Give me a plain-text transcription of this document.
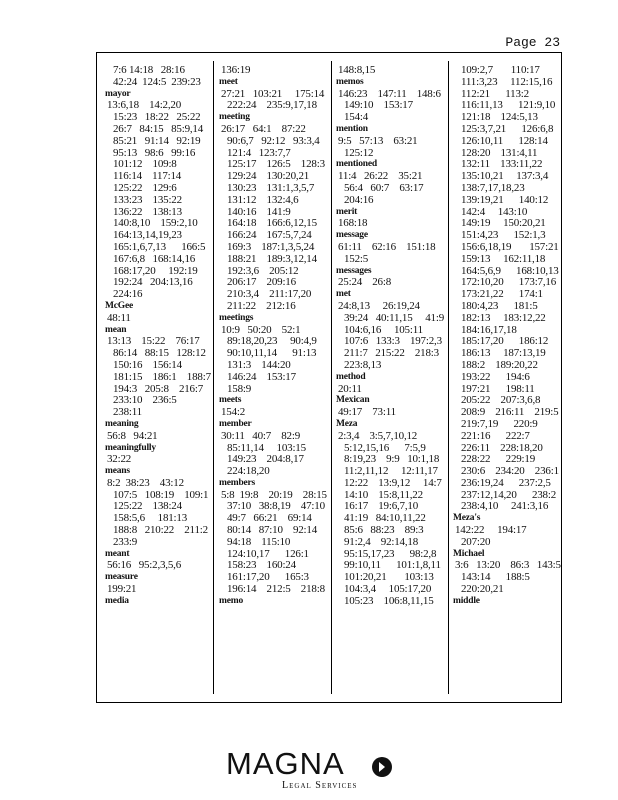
Page 23
7:6 14:18   28:16
42:24  124:5  239:23
mayor
13:6,18    14:2,20
15:23   18:22   25:22
26:7   84:15   85:9,14
85:21   91:14   92:19
95:13   98:6   99:16
101:12    109:8
116:14    117:14
125:22    129:6
133:23    135:22
136:22    138:13
140:8,10    159:2,10
164:13,14,19,23
165:1,6,7,13      166:5
167:6,8   168:14,16
168:17,20     192:19
192:24   204:13,16
224:16
McGee
48:11
mean
13:13    15:22    76:17
86:14   88:15   128:12
150:16    156:14
181:15    186:1    188:7
194:3   205:8    216:7
233:10    236:5
238:11
meaning
56:8   94:21
meaningfully
32:22
means
8:2  38:23    43:12
107:5   108:19    109:1
125:22    138:24
158:5,6     181:13
188:8   210:22    211:2
233:9
meant
56:16   95:2,3,5,6
measure
199:21
media
136:19
meet
27:21   103:21     175:14
222:24    235:9,17,18
meeting
26:17   64:1    87:22
90:6,7   92:12   93:3,4
121:4   123:7,7
125:17    126:5    128:3
129:24    130:20,21
130:23    131:1,3,5,7
131:12    132:4,6
140:16    141:9
164:18    166:6,12,15
166:24    167:5,7,24
169:3    187:1,3,5,24
188:21    189:3,12,14
192:3,6    205:12
206:17    209:16
210:3,4    211:17,20
211:22    212:16
meetings
10:9   50:20    52:1
89:18,20,23     90:4,9
90:10,11,14      91:13
131:3    144:20
146:24    153:17
158:9
meets
154:2
member
30:11   40:7    82:9
85:11,14     103:15
149:23    204:8,17
224:18,20
members
5:8  19:8    20:19    28:15
37:10   38:8,19    47:10
49:7   66:21    69:14
80:14   87:10    92:14
94:18    115:10
124:10,17      126:1
158:23    160:24
161:17,20      165:3
196:14    212:5    218:8
memo
148:8,15
memos
146:23    147:11    148:6
149:10    153:17
154:4
mention
9:5   57:13    63:21
125:12
mentioned
11:4   26:22    35:21
56:4   60:7    63:17
204:16
merit
168:18
message
61:11    62:16    151:18
152:5
messages
25:24    26:8
met
24:8,13     26:19,24
39:24   40:11,15     41:9
104:6,16     105:11
107:6   133:3    197:2,3
211:7   215:22    218:3
223:8,13
method
20:11
Mexican
49:17    73:11
Meza
2:3,4    3:5,7,10,12
5:12,15,16      7:5,9
8:19,23    9:9   10:1,18
11:2,11,12     12:11,17
12:22    13:9,12     14:7
14:10    15:8,11,22
16:17    19:6,7,10
41:19   84:10,11,22
85:6   88:23    89:3
91:2,4    92:14,18
95:15,17,23      98:2,8
99:10,11      101:1,8,11
101:20,21       103:13
104:3,4     105:17,20
105:23    106:8,11,15
109:2,7       110:17
111:3,23     112:15,16
112:21      113:2
116:11,13      121:9,10
121:18    124:5,13
125:3,7,21      126:6,8
126:10,11      128:14
128:20    131:4,11
132:11    133:11,22
135:10,21     137:3,4
138:7,17,18,23
139:19,21      140:12
142:4     143:10
149:19     150:20,21
151:4,23      152:1,3
156:6,18,19       157:21
159:13     162:11,18
164:5,6,9      168:10,13
172:10,20      173:7,16
173:21,22      174:1
180:4,23      181:5
182:13     183:12,22
184:16,17,18
185:17,20      186:12
186:13     187:13,19
188:2    189:20,22
193:22      194:6
197:21      198:11
205:22    207:3,6,8
208:9    216:11    219:5
219:7,19      220:9
221:16      222:7
226:11    228:18,20
228:22      229:19
230:6    234:20    236:1
236:19,24      237:2,5
237:12,14,20      238:2
238:4,10     241:3,16
Meza's
142:22     194:17
207:20
Michael
3:6   13:20    86:3   143:5
143:14      188:5
220:20,21
middle
MAGNA
Legal Services
